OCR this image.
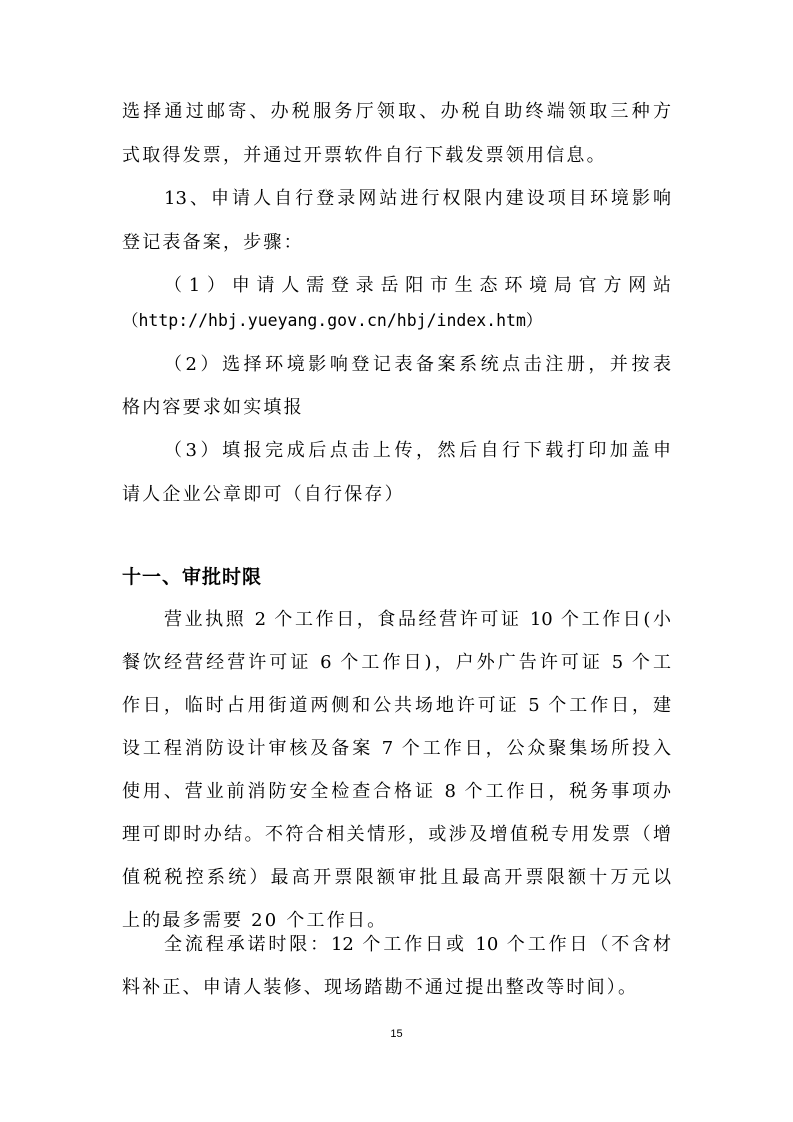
选择通过邮寄、办税服务厅领取、办税自助终端领取三种方
式取得发票，并通过开票软件自行下载发票领用信息。
13、申请人自行登录网站进行权限内建设项目环境影响
登记表备案，步骤：
（1）申请人需登录岳阳市生态环境局官方网站
（http://hbj.yueyang.gov.cn/hbj/index.htm）
（2）选择环境影响登记表备案系统点击注册，并按表
格内容要求如实填报
（3）填报完成后点击上传，然后自行下载打印加盖申
请人企业公章即可（自行保存）
十一、审批时限
营业执照 2 个工作日，食品经营许可证 10 个工作日(小
餐饮经营经营许可证 6 个工作日)，户外广告许可证 5 个工
作日，临时占用街道两侧和公共场地许可证 5 个工作日，建
设工程消防设计审核及备案 7 个工作日，公众聚集场所投入
使用、营业前消防安全检查合格证 8 个工作日，税务事项办
理可即时办结。不符合相关情形，或涉及增值税专用发票（增
值税税控系统）最高开票限额审批且最高开票限额十万元以
上的最多需要 20 个工作日。
全流程承诺时限：12 个工作日或 10 个工作日（不含材
料补正、申请人装修、现场踏勘不通过提出整改等时间）。
15
